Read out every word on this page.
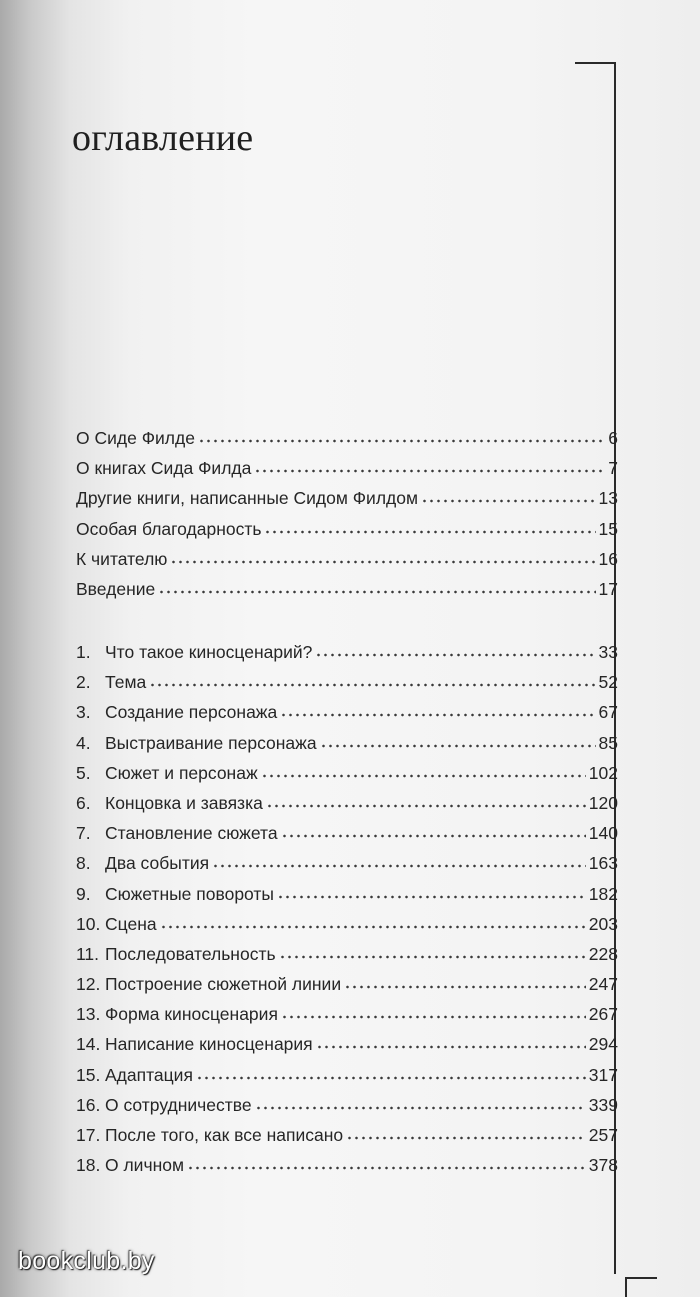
оглавление
О Сиде Филде	6
О книгах Сида Филда	7
Другие книги, написанные Сидом Филдом	13
Особая благодарность	15
К читателю	16
Введение	17
1. Что такое киносценарий?	33
2. Тема	52
3. Создание персонажа	67
4. Выстраивание персонажа	85
5. Сюжет и персонаж	102
6. Концовка и завязка	120
7. Становление сюжета	140
8. Два события	163
9. Сюжетные повороты	182
10. Сцена	203
11. Последовательность	228
12. Построение сюжетной линии	247
13. Форма киносценария	267
14. Написание киносценария	294
15. Адаптация	317
16. О сотрудничестве	339
17. После того, как все написано	257
18. О личном	378
bookclub.by
